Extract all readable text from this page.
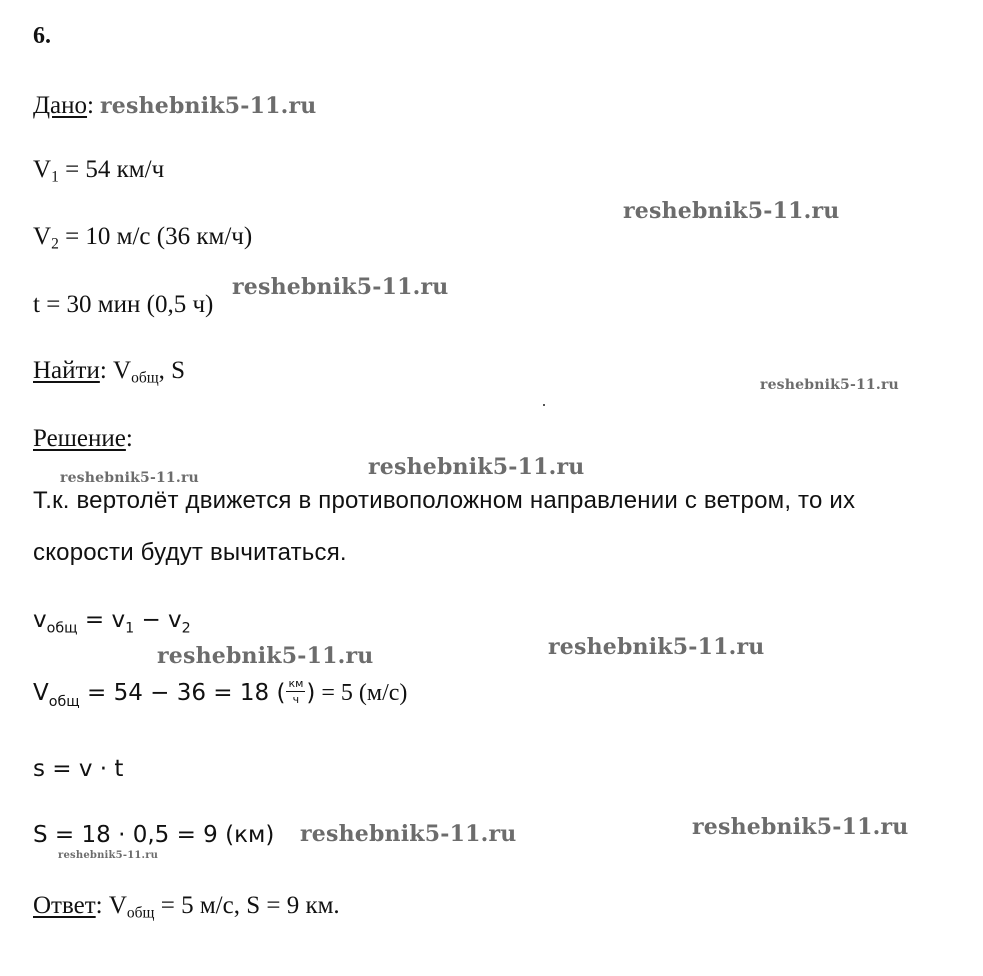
6.
Дано:
$V_1 = 54$ км/ч
$V_2 = 10$ м/с (36 км/ч)
t = 30 мин (0,5 ч)
Найти: $V_{общ}$, S
Решение:
Т.к. вертолёт движется в противоположном направлении с ветром, то их
скорости будут вычитаться.
$v_{общ} = v_1 - v_2$
$V_{общ} = 54 - 36 = 18$ ( $\frac{км}{ч}$ ) = 5 (м/с)
s = v · t
S = 18 · 0,5 = 9 (км)
Ответ: $V_{общ} = 5$ м/с, S = 9 км.
reshebnik5-11.ru
reshebnik5-11.ru
reshebnik5-11.ru
reshebnik5-11.ru
reshebnik5-11.ru	reshebnik5-11.ru
reshebnik5-11.ru
reshebnik5-11.ru
reshebnik5-11.ru	reshebnik5-11.ru
reshebnik5-11.ru
